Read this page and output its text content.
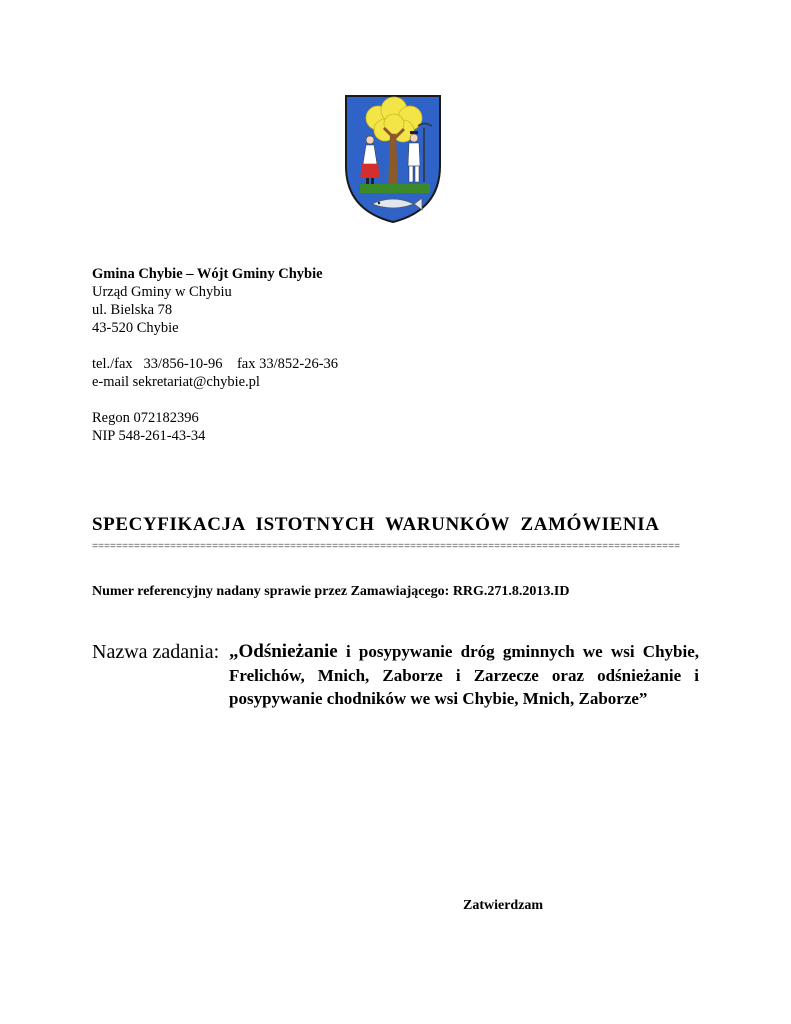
Gmina Chybie – Wójt Gminy Chybie
Urząd Gminy w Chybiu
ul. Bielska 78
43-520 Chybie
tel./fax   33/856-10-96    fax 33/852-26-36
e-mail sekretariat@chybie.pl
Regon 072182396
NIP 548-261-43-34
SPECYFIKACJA  ISTOTNYCH  WARUNKÓW  ZAMÓWIENIA
==================================================================================================
Numer referencyjny nadany sprawie przez Zamawiającego: RRG.271.8.2013.ID
Nazwa zadania: „Odśnieżanie i posypywanie dróg gminnych we wsi Chybie, Frelichów, Mnich, Zaborze i Zarzecze oraz odśnieżanie i posypywanie chodników we wsi Chybie, Mnich, Zaborze”
Zatwierdzam
